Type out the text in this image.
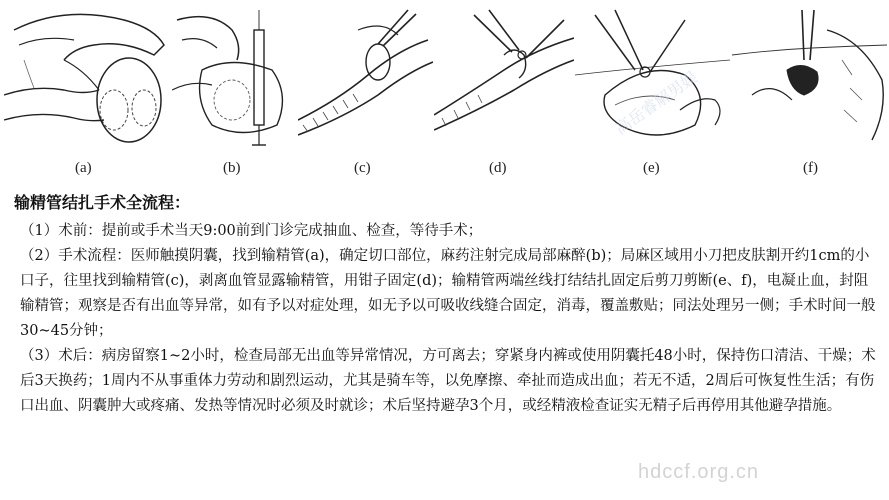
(a)	(b)	(c)	(d)	(e)	(f)
高岳睿解男娱

输精管结扎手术全流程：

（1）术前：提前或手术当天9:00前到门诊完成抽血、检查，等待手术；

（2）手术流程：医师触摸阴囊，找到输精管(a)，确定切口部位，麻药注射完成局部麻醉(b)；局麻区域用小刀把皮肤割开约1cm的小口子，往里找到输精管(c)，剥离血管显露输精管，用钳子固定(d)；输精管两端丝线打结结扎固定后剪刀剪断(e、f)，电凝止血，封阻输精管；观察是否有出血等异常，如有予以对症处理，如无予以可吸收线缝合固定，消毒，覆盖敷贴；同法处理另一侧；手术时间一般30~45分钟；

（3）术后：病房留察1~2小时，检查局部无出血等异常情况，方可离去；穿紧身内裤或使用阴囊托48小时，保持伤口清洁、干燥；术后3天换药；1周内不从事重体力劳动和剧烈运动，尤其是骑车等，以免摩擦、牵扯而造成出血；若无不适，2周后可恢复性生活；有伤口出血、阴囊肿大或疼痛、发热等情况时必须及时就诊；术后坚持避孕3个月，或经精液检查证实无精子后再停用其他避孕措施。

hdccf.org.cn
